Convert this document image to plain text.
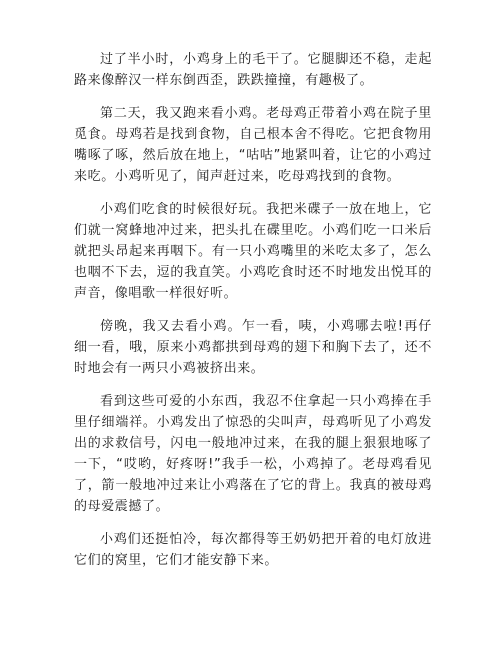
过了半小时，小鸡身上的毛干了。它腿脚还不稳，走起路来像醉汉一样东倒西歪，跌跌撞撞，有趣极了。

第二天，我又跑来看小鸡。老母鸡正带着小鸡在院子里觅食。母鸡若是找到食物，自己根本舍不得吃。它把食物用嘴啄了啄，然后放在地上，“咕咕”地紧叫着，让它的小鸡过来吃。小鸡听见了，闻声赶过来，吃母鸡找到的食物。

小鸡们吃食的时候很好玩。我把米碟子一放在地上，它们就一窝蜂地冲过来，把头扎在碟里吃。小鸡们吃一口米后就把头昂起来再咽下。有一只小鸡嘴里的米吃太多了，怎么也咽不下去，逗的我直笑。小鸡吃食时还不时地发出悦耳的声音，像唱歌一样很好听。

傍晚，我又去看小鸡。乍一看，咦，小鸡哪去啦!再仔细一看，哦，原来小鸡都拱到母鸡的翅下和胸下去了，还不时地会有一两只小鸡被挤出来。

看到这些可爱的小东西，我忍不住拿起一只小鸡捧在手里仔细端祥。小鸡发出了惊恐的尖叫声，母鸡听见了小鸡发出的求救信号，闪电一般地冲过来，在我的腿上狠狠地啄了一下，“哎哟，好疼呀!”我手一松，小鸡掉了。老母鸡看见了，箭一般地冲过来让小鸡落在了它的背上。我真的被母鸡的母爱震撼了。

小鸡们还挺怕冷，每次都得等王奶奶把开着的电灯放进它们的窝里，它们才能安静下来。
